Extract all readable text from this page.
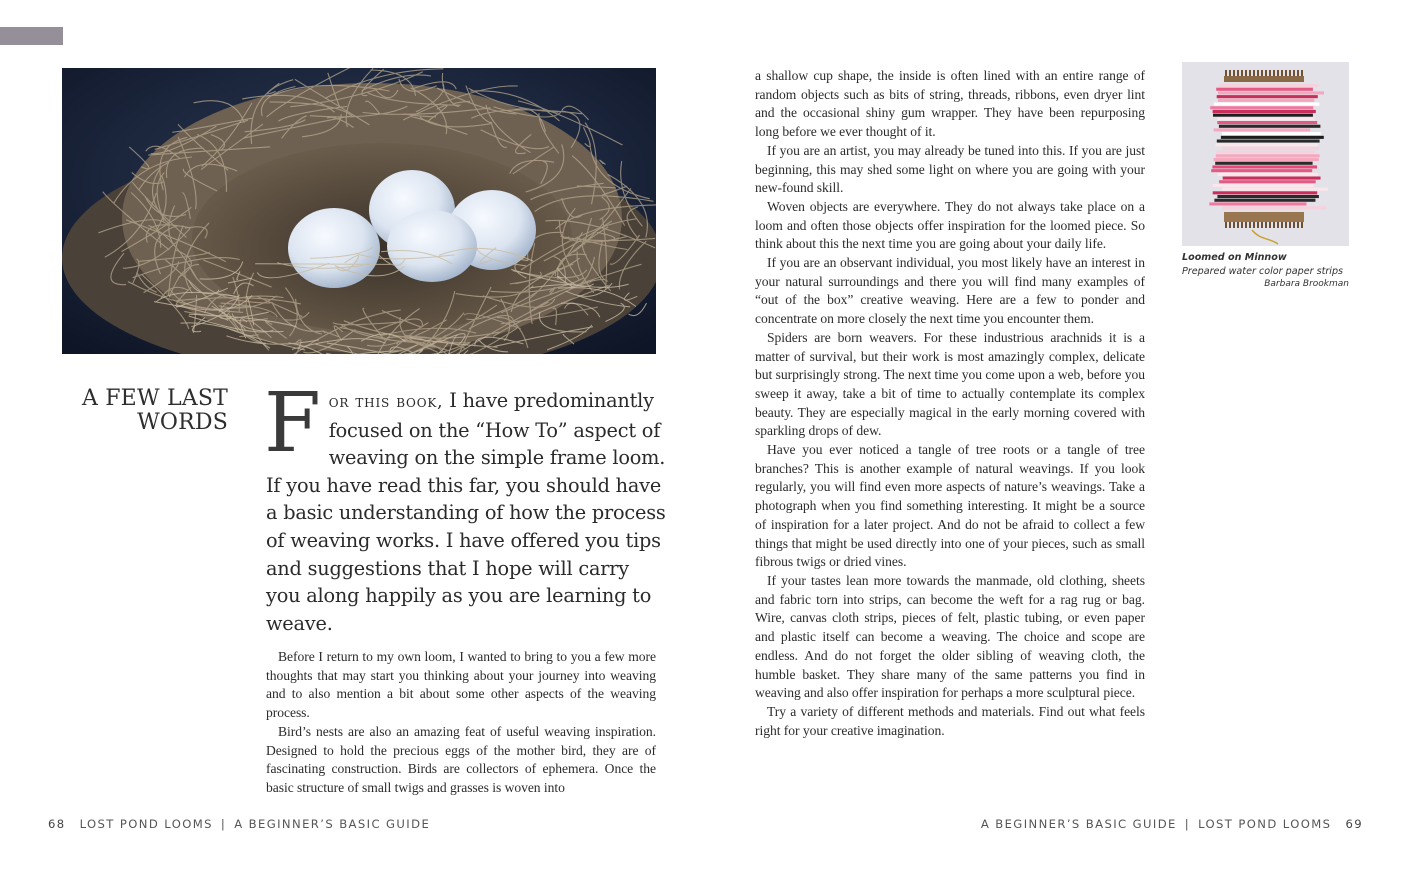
A FEW LAST
WORDS For this book, I have predominantly focused on the “How To” aspect of weaving on the simple frame loom. If you have read this far, you should have a basic understanding of how the process of weaving works. I have offered you tips and suggestions that I hope will carry you along happily as you are learning to weave.

Before I return to my own loom, I wanted to bring to you a few more thoughts that may start you thinking about your journey into weaving and to also mention a bit about some other aspects of the weaving process.

Bird’s nests are also an amazing feat of useful weaving inspiration. Designed to hold the precious eggs of the mother bird, they are of fascinating construction. Birds are collectors of ephemera. Once the basic structure of small twigs and grasses is woven into

a shallow cup shape, the inside is often lined with an entire range of random objects such as bits of string, threads, ribbons, even dryer lint and the occasional shiny gum wrapper. They have been repurposing long before we ever thought of it.

If you are an artist, you may already be tuned into this. If you are just beginning, this may shed some light on where you are going with your new-found skill.

Woven objects are everywhere. They do not always take place on a loom and often those objects offer inspiration for the loomed piece. So think about this the next time you are going about your daily life.

If you are an observant individual, you most likely have an interest in your natural surroundings and there you will find many examples of “out of the box” creative weaving. Here are a few to ponder and concentrate on more closely the next time you encounter them.

Spiders are born weavers. For these industrious arachnids it is a matter of survival, but their work is most amazingly complex, delicate but surprisingly strong. The next time you come upon a web, before you sweep it away, take a bit of time to actually contemplate its complex beauty. They are especially magical in the early morning covered with sparkling drops of dew.

Have you ever noticed a tangle of tree roots or a tangle of tree branches? This is another example of natural weavings. If you look regularly, you will find even more aspects of nature’s weavings. Take a photograph when you find something interesting. It might be a source of inspiration for a later project. And do not be afraid to collect a few things that might be used directly into one of your pieces, such as small fibrous twigs or dried vines.

If your tastes lean more towards the manmade, old clothing, sheets and fabric torn into strips, can become the weft for a rag rug or bag. Wire, canvas cloth strips, pieces of felt, plastic tubing, or even paper and plastic itself can become a weaving. The choice and scope are endless. And do not forget the older sibling of weaving cloth, the humble basket. They share many of the same patterns you find in weaving and also offer inspiration for perhaps a more sculptural piece.

Try a variety of different methods and materials. Find out what feels right for your creative imagination.

Loomed on Minnow
Prepared water color paper strips
Barbara Brookman
68 LOST POND LOOMS | A BEGINNER’S BASIC GUIDE	A BEGINNER’S BASIC GUIDE | LOST POND LOOMS 69
